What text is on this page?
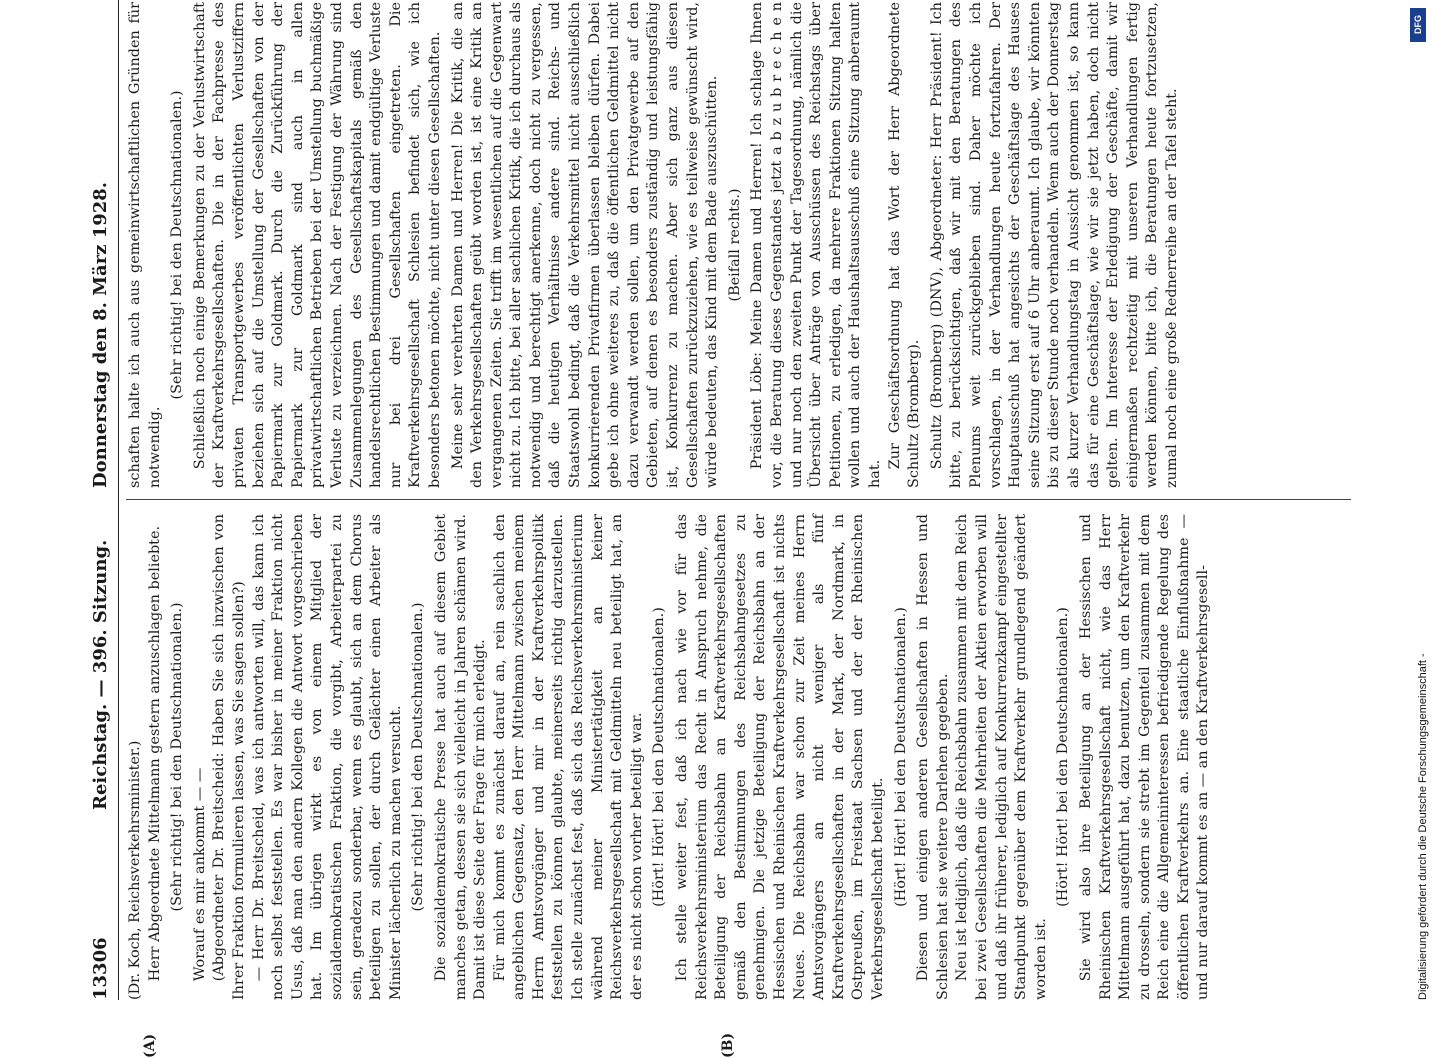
13306
Reichstag. — 396. Sitzung.
Donnerstag den 8. März 1928.

(Dr. Koch, Reichsverkehrsminister.) Herr Abgeordnete Mittelmann gestern anzuschlagen beliebte. (Sehr richtig! bei den Deutschnationalen.) Worauf es mir ankommt — — (Abgeordneter Dr. Breitscheid: Haben Sie sich inzwischen von Ihrer Fraktion formulieren lassen, was Sie sagen sollen?) — Herr Dr. Breitscheid, was ich antworten will, das kann ich noch selbst feststellen. Es war bisher in meiner Fraktion nicht Usus, daß man den andern Kollegen die Antwort vorgeschrieben hat. Im übrigen wirkt es von einem Mitglied der sozialdemokratischen Fraktion, die vorgibt, Arbeiterpartei zu sein, geradezu sonderbar, wenn es glaubt, sich an dem Chorus beteiligen zu sollen, der durch Gelächter einen Arbeiter als Minister lächerlich zu machen versucht. (Sehr richtig! bei den Deutschnationalen.) Die sozialdemokratische Presse hat auch auf diesem Gebiet manches getan, dessen sie sich vielleicht in Jahren schämen wird. Damit ist diese Seite der Frage für mich erledigt. Für mich kommt es zunächst darauf an, rein sachlich den angeblichen Gegensatz, den Herr Mittelmann zwischen meinem Herrn Amtsvorgänger und mir in der Kraftverkehrspolitik feststellen zu können glaubte, meinerseits richtig darzustellen. Ich stelle zunächst fest, daß sich das Reichsverkehrsministerium während meiner Ministertätigkeit an keiner Reichsverkehrsgesellschaft mit Geldmitteln neu beteiligt hat, an der es nicht schon vorher beteiligt war. (Hört! Hört! bei den Deutschnationalen.) Ich stelle weiter fest, daß ich nach wie vor für das Reichsverkehrsministerium das Recht in Anspruch nehme, die Beteiligung der Reichsbahn an Kraftverkehrsgesellschaften gemäß den Bestimmungen des Reichsbahngesetzes zu genehmigen. Die jetzige Beteiligung der Reichsbahn an der Hessischen und Rheinischen Kraftverkehrsgesellschaft ist nichts Neues. Die Reichsbahn war schon zur Zeit meines Herrn Amtsvorgängers an nicht weniger als fünf Kraftverkehrsgesellschaften in der Mark, der Nordmark, in Ostpreußen, im Freistaat Sachsen und der der Rheinischen Verkehrsgesellschaft beteiligt. (Hört! Hört! bei den Deutschnationalen.) Diesen und einigen anderen Gesellschaften in Hessen und Schlesien hat sie weitere Darlehen gegeben. Neu ist lediglich, daß die Reichsbahn zusammen mit dem Reich bei zwei Gesellschaften die Mehrheiten der Aktien erworben will und daß ihr früherer, lediglich auf Konkurrenzkampf eingestellter Standpunkt gegenüber dem Kraftverkehr grundlegend geändert worden ist.

(Hört! Hört! bei den Deutschnationalen.) Sie wird also ihre Beteiligung an der Hessischen und Rheinischen Kraftverkehrsgesellschaft nicht, wie das Herr Mittelmann ausgeführt hat, dazu benutzen, um den Kraftverkehr zu drosseln, sondern sie strebt im Gegenteil zusammen mit dem Reich eine die Allgemeininteressen befriedigende Regelung des öffentlichen Kraftverkehrs an. Eine staatliche Einflußnahme — und nur darauf kommt es an — an den Kraftverkehrsgesell-

schaften halte ich auch aus gemeinwirtschaftlichen Gründen für notwendig.

(Sehr richtig! bei den Deutschnationalen.) Schließlich noch einige Bemerkungen zu der Verlustwirtschaft der Kraftverkehrsgesellschaften. Die in der Fachpresse des privaten Transportgewerbes veröffentlichten Verlustziffern beziehen sich auf die Umstellung der Gesellschaften von der Papiermark zur Goldmark. Durch die Zurückführung der Papiermark zur Goldmark sind auch in allen privatwirtschaftlichen Betrieben bei der Umstellung buchmäßige Verluste zu verzeichnen. Nach der Festigung der Währung sind Zusammenlegungen des Gesellschaftskapitals gemäß den handelsrechtlichen Bestimmungen und damit endgültige Verluste nur bei drei Gesellschaften eingetreten. Die Kraftverkehrsgesellschaft Schlesien befindet sich, wie ich besonders betonen möchte, nicht unter diesen Gesellschaften. Meine sehr verehrten Damen und Herren! Die Kritik, die an den Verkehrsgesellschaften geübt worden ist, ist eine Kritik an vergangenen Zeiten. Sie trifft im wesentlichen auf die Gegenwart nicht zu. Ich bitte, bei aller sachlichen Kritik, die ich durchaus als notwendig und berechtigt anerkenne, doch nicht zu vergessen, daß die heutigen Verhältnisse andere sind. Reichs- und Staatswohl bedingt, daß die Verkehrsmittel nicht ausschließlich konkurrierenden Privatfirmen überlassen bleiben dürfen. Dabei gebe ich ohne weiteres zu, daß die öffentlichen Geldmittel nicht dazu verwandt werden sollen, um den Privatgewerbe auf den Gebieten, auf denen es besonders zuständig und leistungsfähig ist, Konkurrenz zu machen. Aber sich ganz aus diesen Gesellschaften zurückzuziehen, wie es teilweise gewünscht wird, würde bedeuten, das Kind mit dem Bade auszuschütten. (Beifall rechts.) Präsident Löbe: Meine Damen und Herren! Ich schlage Ihnen vor, die Beratung dieses Gegenstandes jetzt a b z u b r e c h e n und nur noch den zweiten Punkt der Tagesordnung, nämlich die Übersicht über Anträge von Ausschüssen des Reichstags über Petitionen, zu erledigen, da mehrere Fraktionen Sitzung halten wollen und auch der Haushaltsausschuß eine Sitzung anberaumt hat.

Zur Geschäftsordnung hat das Wort der Herr Abgeordnete Schultz (Bromberg). Schultz (Bromberg) (DNV), Abgeordneter: Herr Präsident! Ich bitte, zu berücksichtigen, daß wir mit den Beratungen des Plenums weit zurückgeblieben sind. Daher möchte ich vorschlagen, in der Verhandlungen heute fortzufahren. Der Hauptausschuß hat angesichts der Geschäftslage des Hauses seine Sitzung erst auf 6 Uhr anberaumt. Ich glaube, wir könnten bis zu dieser Stunde noch verhandeln. Wenn auch der Donnerstag als kurzer Verhandlungstag in Aussicht genommen ist, so kann das für eine Geschäftslage, wie wir sie jetzt haben, doch nicht gelten. Im Interesse der Erledigung der Geschäfte, damit wir einigermaßen rechtzeitig mit unseren Verhandlungen fertig werden können, bitte ich, die Beratungen heute fortzusetzen, zumal noch eine große Rednerreihe an der Tafel steht.

(A)	(B)
Digitalisierung gefördert durch die Deutsche Forschungsgemeinschaft -
DFG
